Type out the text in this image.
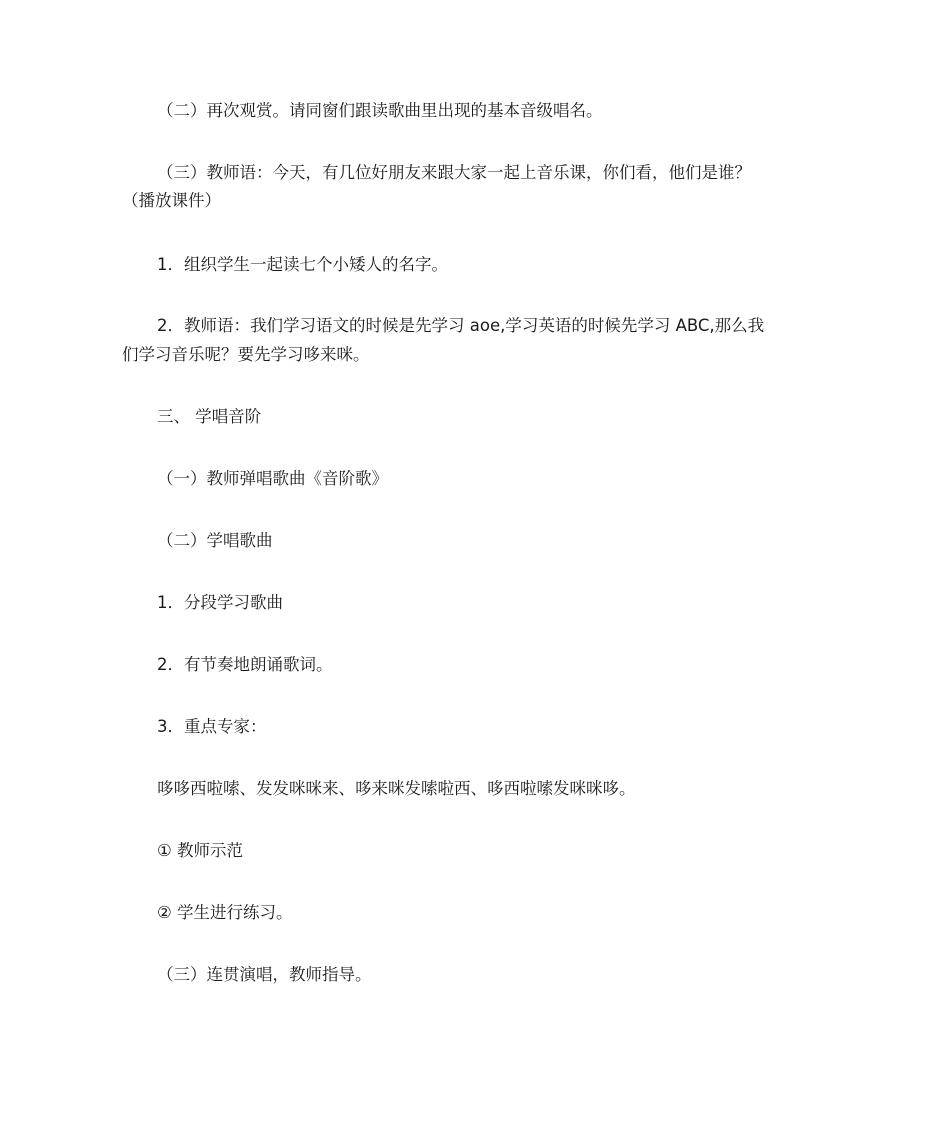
（二）再次观赏。请同窗们跟读歌曲里出现的基本音级唱名。
（三）教师语：今天，有几位好朋友来跟大家一起上音乐课，你们看，他们是谁？
（播放课件）
1．组织学生一起读七个小矮人的名字。
2．教师语：我们学习语文的时候是先学习 aoe,学习英语的时候先学习 ABC,那么我
们学习音乐呢？要先学习哆来咪。
三、 学唱音阶
（一）教师弹唱歌曲《音阶歌》
（二）学唱歌曲
1．分段学习歌曲
2．有节奏地朗诵歌词。
3．重点专家：
哆哆西啦嗦、发发咪咪来、哆来咪发嗦啦西、哆西啦嗦发咪咪哆。
① 教师示范
② 学生进行练习。
（三）连贯演唱，教师指导。
